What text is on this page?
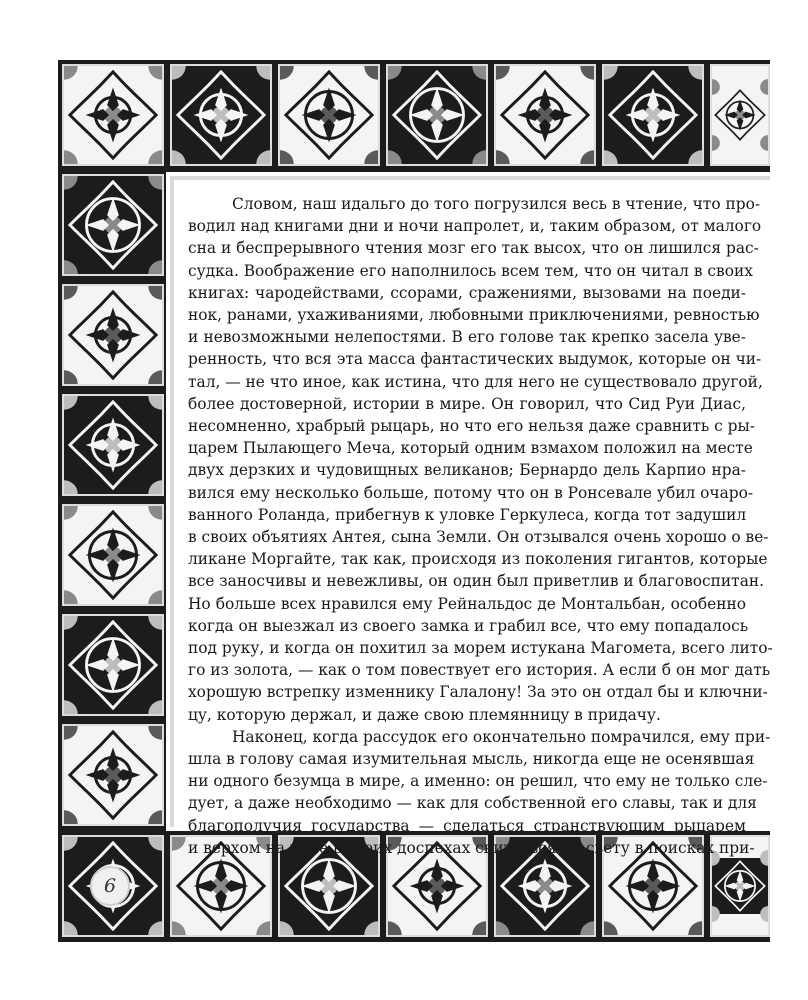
Словом, наш идальго до того погрузился весь в чтение, что про-
водил над книгами дни и ночи напролет, и, таким образом, от малого
сна и беспрерывного чтения мозг его так высох, что он лишился рас-
судка. Воображение его наполнилось всем тем, что он читал в своих
книгах: чародействами, ссорами, сражениями, вызовами на поеди-
нок, ранами, ухаживаниями, любовными приключениями, ревностью
и невозможными нелепостями. В его голове так крепко засела уве-
ренность, что вся эта масса фантастических выдумок, которые он чи-
тал, — не что иное, как истина, что для него не существовало другой,
более достоверной, истории в мире. Он говорил, что Сид Руи Диас,
несомненно, храбрый рыцарь, но что его нельзя даже сравнить с ры-
царем Пылающего Меча, который одним взмахом положил на месте
двух дерзких и чудовищных великанов; Бернардо дель Карпио нра-
вился ему несколько больше, потому что он в Ронсевале убил очаро-
ванного Роланда, прибегнув к уловке Геркулеса, когда тот задушил
в своих объятиях Антея, сына Земли. Он отзывался очень хорошо о ве-
ликане Моргайте, так как, происходя из поколения гигантов, которые
все заносчивы и невежливы, он один был приветлив и благовоспитан.
Но больше всех нравился ему Рейнальдос де Монтальбан, особенно
когда он выезжал из своего замка и грабил все, что ему попадалось
под руку, и когда он похитил за морем истукана Магомета, всего лито-
го из золота, — как о том повествует его история. А если б он мог дать
хорошую встрепку изменнику Галалону! За это он отдал бы и ключни-
цу, которую держал, и даже свою племянницу в придачу.

Наконец, когда рассудок его окончательно помрачился, ему при-
шла в голову самая изумительная мысль, никогда еще не осенявшая
ни одного безумца в мире, а именно: он решил, что ему не только сле-
дует, а даже необходимо — как для собственной его славы, так и для
благополучия государства — сделаться странствующим рыцарем
и верхом на коне в своих доспехах скитаться по свету в поисках при-

6
